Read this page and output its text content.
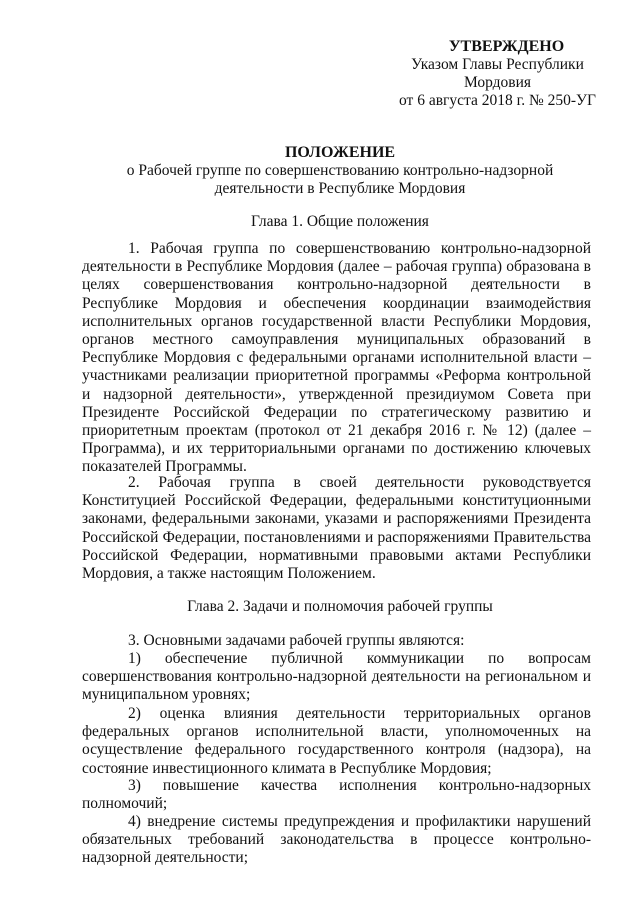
УТВЕРЖДЕНО
Указом Главы Республики
Мордовия
от 6 августа 2018 г. № 250-УГ
ПОЛОЖЕНИЕ
о Рабочей группе по совершенствованию контрольно-надзорной
деятельности в Республике Мордовия
Глава 1. Общие положения
1. Рабочая группа по совершенствованию контрольно-надзорной деятельности в Республике Мордовия (далее – рабочая группа) образована в целях совершенствования контрольно-надзорной деятельности в Республике Мордовия и обеспечения координации взаимодействия исполнительных органов государственной власти Республики Мордовия, органов местного самоуправления муниципальных образований в Республике Мордовия с федеральными органами исполнительной власти – участниками реализации приоритетной программы «Реформа контрольной и надзорной деятельности», утвержденной президиумом Совета при Президенте Российской Федерации по стратегическому развитию и приоритетным проектам (протокол от 21 декабря 2016 г. № 12) (далее – Программа), и их территориальными органами по достижению ключевых показателей Программы.
2. Рабочая группа в своей деятельности руководствуется Конституцией Российской Федерации, федеральными конституционными законами, федеральными законами, указами и распоряжениями Президента Российской Федерации, постановлениями и распоряжениями Правительства Российской Федерации, нормативными правовыми актами Республики Мордовия, а также настоящим Положением.
Глава 2. Задачи и полномочия рабочей группы
3. Основными задачами рабочей группы являются:
1) обеспечение публичной коммуникации по вопросам совершенствования контрольно-надзорной деятельности на региональном и муниципальном уровнях;
2) оценка влияния деятельности территориальных органов федеральных органов исполнительной власти, уполномоченных на осуществление федерального государственного контроля (надзора), на состояние инвестиционного климата в Республике Мордовия;
3) повышение качества исполнения контрольно-надзорных полномочий;
4) внедрение системы предупреждения и профилактики нарушений обязательных требований законодательства в процессе контрольно-надзорной деятельности;
